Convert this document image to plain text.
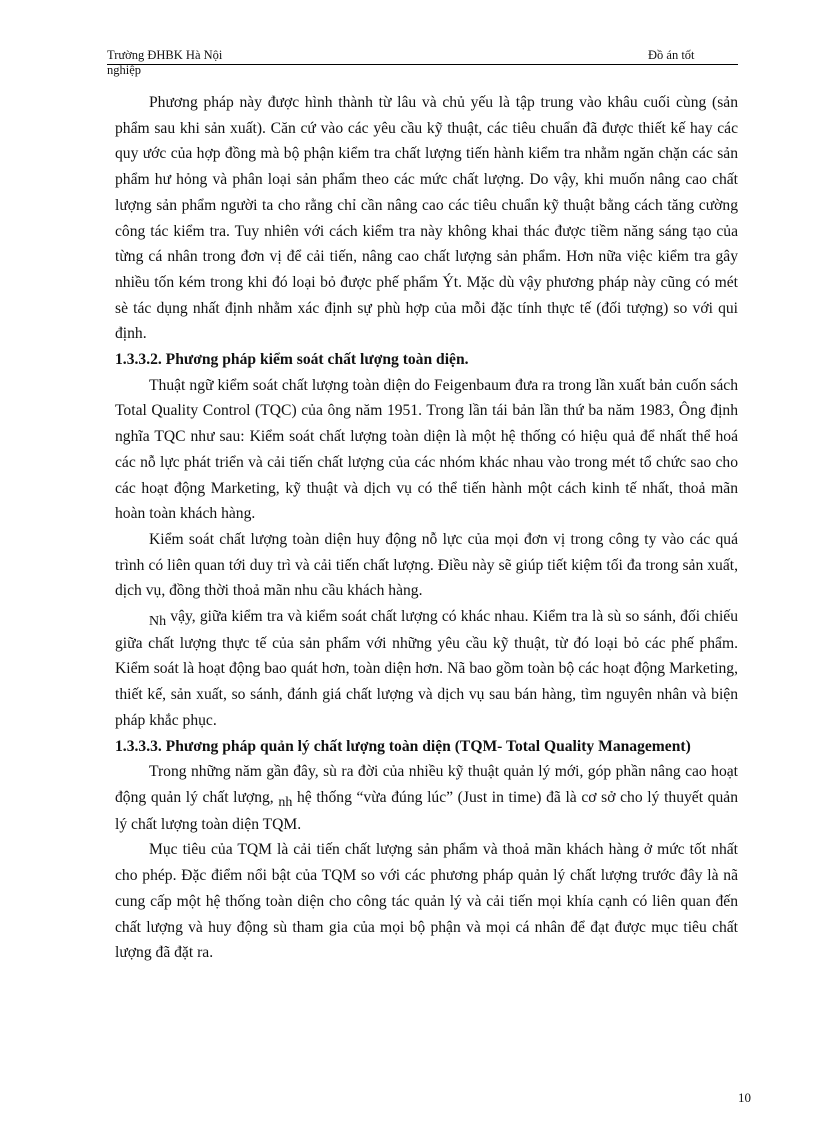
Trường ĐHBK Hà Nội	Đồ án tốt
nghiệp

Phương pháp này được hình thành từ lâu và chủ yếu là tập trung vào khâu cuối cùng (sản phẩm sau khi sản xuất). Căn cứ vào các yêu cầu kỹ thuật, các tiêu chuẩn đã được thiết kế hay các quy ước của hợp đồng mà bộ phận kiểm tra chất lượng tiến hành kiểm tra nhằm ngăn chặn các sản phẩm hư hỏng và phân loại sản phẩm theo các mức chất lượng. Do vậy, khi muốn nâng cao chất lượng sản phẩm người ta cho rằng chỉ cần nâng cao các tiêu chuẩn kỹ thuật bằng cách tăng cường công tác kiểm tra. Tuy nhiên với cách kiểm tra này không khai thác được tiềm năng sáng tạo của từng cá nhân trong đơn vị để cải tiến, nâng cao chất lượng sản phẩm. Hơn nữa việc kiểm tra gây nhiều tốn kém trong khi đó loại bỏ được phế phẩm Ýt. Mặc dù vậy phương pháp này cũng có mét sè tác dụng nhất định nhằm xác định sự phù hợp của mỗi đặc tính thực tế (đối tượng) so với qui định.

1.3.3.2. Phương pháp kiểm soát chất lượng toàn diện.

Thuật ngữ kiểm soát chất lượng toàn diện do Feigenbaum đưa ra trong lần xuất bản cuốn sách Total Quality Control (TQC) của ông năm 1951. Trong lần tái bản lần thứ ba năm 1983, Ông định nghĩa TQC như sau: Kiểm soát chất lượng toàn diện là một hệ thống có hiệu quả để nhất thể hoá các nỗ lực phát triển và cải tiến chất lượng của các nhóm khác nhau vào trong mét tổ chức sao cho các hoạt động Marketing, kỹ thuật và dịch vụ có thể tiến hành một cách kinh tế nhất, thoả mãn hoàn toàn khách hàng.

Kiểm soát chất lượng toàn diện huy động nỗ lực của mọi đơn vị trong công ty vào các quá trình có liên quan tới duy trì và cải tiến chất lượng. Điều này sẽ giúp tiết kiệm tối đa trong sản xuất, dịch vụ, đồng thời thoả mãn nhu cầu khách hàng.

Nh vậy, giữa kiểm tra và kiểm soát chất lượng có khác nhau. Kiểm tra là sù so sánh, đối chiếu giữa chất lượng thực tế của sản phẩm với những yêu cầu kỹ thuật, từ đó loại bỏ các phế phẩm. Kiểm soát là hoạt động bao quát hơn, toàn diện hơn. Nã bao gồm toàn bộ các hoạt động Marketing, thiết kế, sản xuất, so sánh, đánh giá chất lượng và dịch vụ sau bán hàng, tìm nguyên nhân và biện pháp khắc phục.

1.3.3.3. Phương pháp quản lý chất lượng toàn diện (TQM- Total Quality Management)

Trong những năm gần đây, sù ra đời của nhiều kỹ thuật quản lý mới, góp phần nâng cao hoạt động quản lý chất lượng, nh hệ thống “vừa đúng lúc” (Just in time) đã là cơ sở cho lý thuyết quản lý chất lượng toàn diện TQM.

Mục tiêu của TQM là cải tiến chất lượng sản phẩm và thoả mãn khách hàng ở mức tốt nhất cho phép. Đặc điểm nổi bật của TQM so với các phương pháp quản lý chất lượng trước đây là nã cung cấp một hệ thống toàn diện cho công tác quản lý và cải tiến mọi khía cạnh có liên quan đến chất lượng và huy động sù tham gia của mọi bộ phận và mọi cá nhân để đạt được mục tiêu chất lượng đã đặt ra.

10
